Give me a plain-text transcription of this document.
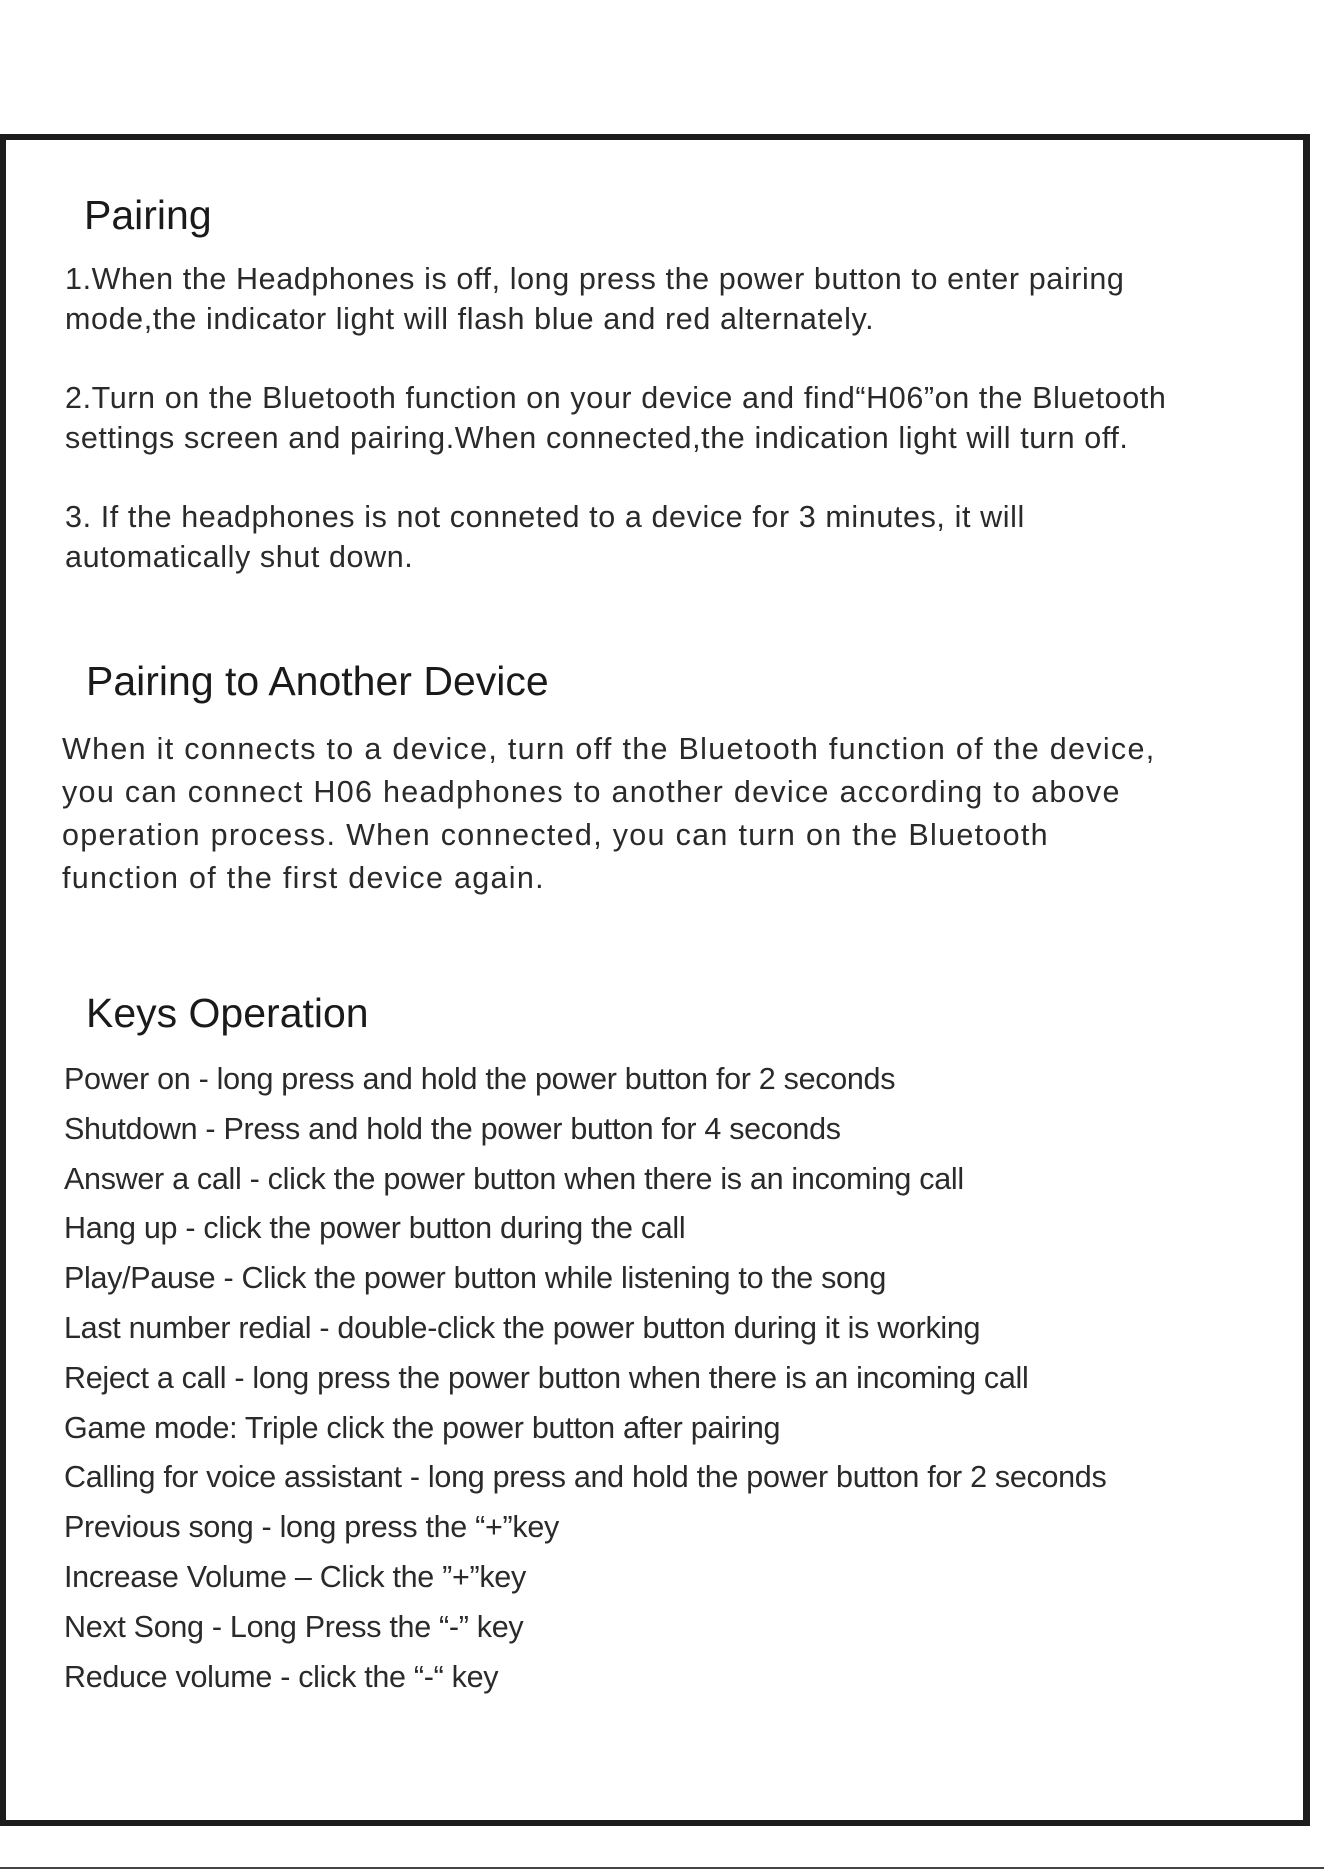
Pairing

1.When the Headphones is off, long press the power button to enter pairing

mode,the indicator light will flash blue and red alternately.

2.Turn on the Bluetooth function on your device and find“H06”on the Bluetooth

settings screen and pairing.When connected,the indication light will turn off.

3. If the headphones is not conneted to a device for 3 minutes, it will

automatically shut down.

Pairing to Another Device

When it connects to a device, turn off the Bluetooth function of the device,

you can connect H06 headphones to another device according to above

operation process. When connected, you can turn on the Bluetooth

function of the first device again.

Keys Operation
Power on - long press and hold the power button for 2 seconds
Shutdown - Press and hold the power button for 4 seconds
Answer a call - click the power button when there is an incoming call
Hang up - click the power button during the call
Play/Pause - Click the power button while listening to the song
Last number redial - double-click the power button during it is working
Reject a call - long press the power button when there is an incoming call
Game mode: Triple click the power button after pairing
Calling for voice assistant - long press and hold the power button for 2 seconds
Previous song - long press the “+”key
Increase Volume – Click the ”+”key
Next Song - Long Press the “-” key
Reduce volume - click the “-“ key
